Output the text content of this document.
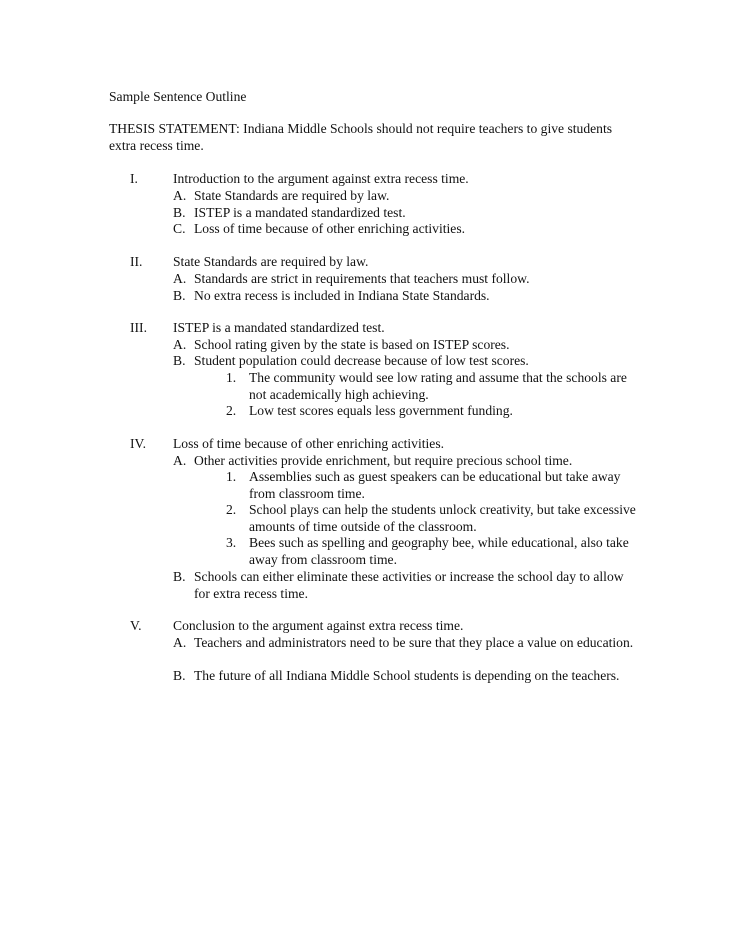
Sample Sentence Outline
THESIS STATEMENT: Indiana Middle Schools should not require teachers to give students extra recess time.
I.	Introduction to the argument against extra recess time.
A. State Standards are required by law.
B. ISTEP is a mandated standardized test.
C. Loss of time because of other enriching activities.
II. State Standards are required by law.
A. Standards are strict in requirements that teachers must follow.
B. No extra recess is included in Indiana State Standards.
III. ISTEP is a mandated standardized test.
A. School rating given by the state is based on ISTEP scores.
B. Student population could decrease because of low test scores.
1. The community would see low rating and assume that the schools are not academically high achieving.
2. Low test scores equals less government funding.
IV. Loss of time because of other enriching activities.
A. Other activities provide enrichment, but require precious school time.
1. Assemblies such as guest speakers can be educational but take away from classroom time.
2. School plays can help the students unlock creativity, but take excessive amounts of time outside of the classroom.
3. Bees such as spelling and geography bee, while educational, also take away from classroom time.
B. Schools can either eliminate these activities or increase the school day to allow for extra recess time.
V. Conclusion to the argument against extra recess time.
A. Teachers and administrators need to be sure that they place a value on education.
B. The future of all Indiana Middle School students is depending on the teachers.
